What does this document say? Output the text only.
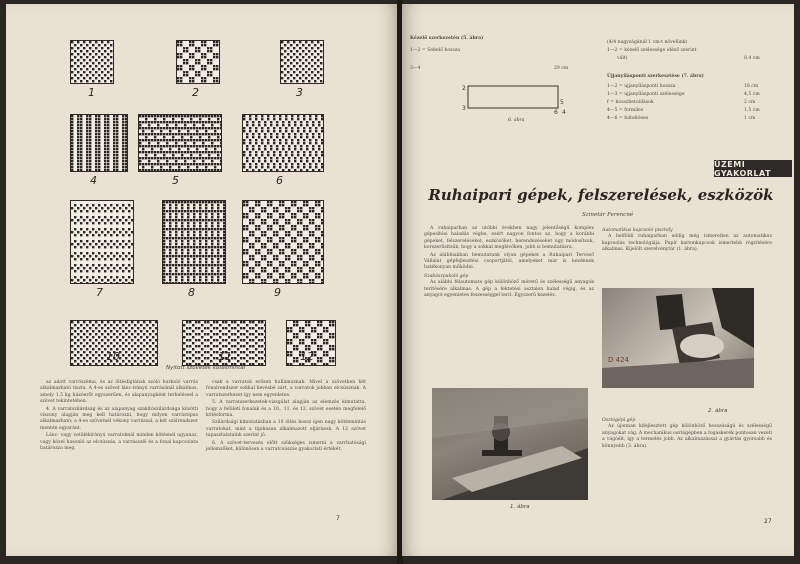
1	2	3
4	5	6
7	8	9
10	11	12
Nyitott szövetek kötésmintái

az adott varrószéma, és az öltésfajtának szóló burkoló varrás alkalmazható tiszta. A 4-es szövet lánc-irányú varrásánál alkalmas, amely 1,5 kg húzóerőt egyszerűen, és alapanyagként terheléssel a szövet tekintetében.

4. A varratszilárdság és az alapanyag szakítószilárdsága közötti viszony alapján meg kell határozni, hogy milyen varrástípus alkalmazható; a 4-es szövetnél vékony varrással, a két szálrendszer mentén egyaránt.

Lánc- vagy vetülékirányú varratoknál minden kötésnél ugyanaz, vagy közel hasonló az elcsúszás, a varrásszél és a fonal kapcsolata határozza meg.

csak a varratok erősen hullámoznak. Mivel a szövetben két fonalrendszer sokkal kevésbé zárt, a varratok jobban elcsúsznak. A varratszerkezet így nem egyenletes.

5. A varratszerkezetek-vizsgálat alapján az elemzés kimutatta, hogy a felületi fonalak és a 10., 11. és 12. szövet esetén megfelelő kötésforma.

Szilárdsági kímutatásban a 10 öltés hossz igen nagy kötésmintás varratokat, mint a tipikusan alkalmazott eljárások. A 12 szövet tapasztalataink szerint jó.

6. A szövet-tervezés előtt szükséges ismerni a varrhatósági jellemzőket, különösen a varratcsúszás gyakorlati értékét.

7
Kézelő szerkezetén (5. ábra)
1—2 = Sebelő hossza
3—4	29 cm
2
3
5
6 4
6. ábra
(4/4 nagyságánál 1 cm-t növelünk)
1—2 = kézelő szélessége idéző szerint
vált)	8,4 cm
Újjanyílásponti szerkesztése (7. ábra)
1—2 = ujjanyílásponti hossza	18 cm
1—3 = ujjanyílásponti szélessége	4,5 cm
f = hosszbetoldások	2 cm
4—5 = formiles	1,5 cm
4—6 = folteltéses	1 cm
ÜZEMI GYAKORLAT
Ruhaipari gépek, felszerelések, eszközök
Szinetár Ferencné

A ruhaiparban az utóbbi években nagy jelentőségű komplex gépesítési haladás végbe, ezért nagyon fontos az, hogy a korábbi gépeket, felszereléseket, eszközöket, berendezéseket úgy módosítsuk, korszerűsítsük, hogy a sokkal meglévőken, jobb is bemutatásra.

Az alábbiakban bemutatunk olyan gépeket a Ruhaipari Tervező Vállalat gépfejlesztési csoportjától, amelyeket már is kezdenek hatékonyan működni.

Szabászpakoló gép

Az alábbi félautomata gép különböző méretű és szélességű anyagok terítésére alkalmas. A gép a fektetési asztalon halad végig, és az anyagot egyenletes feszességgel terít. Egyszerű kezelés.

Automatikus kapcsoló pisztoly

A belföldi ruhaiparban eddig még ismeretlen az automatikus kapcsolás technológiája. Papír kartonkapcsok ismertebb rögzítésére alkalmas. Kijelölt szerelvénytár (1. ábra).

1. ábra
D 424
2. ábra
Osztógépi gép

Az újonnan kifejlesztett gép különböző hosszúságú és szélességű anyagokat vág. A mechanikus osztógépben a fogaskerék pontosan vezeti a vágóélt, így a termelés jobb. Az alkalmazással a gyártás gyorsabb és könnyebb (3. ábra).

27
